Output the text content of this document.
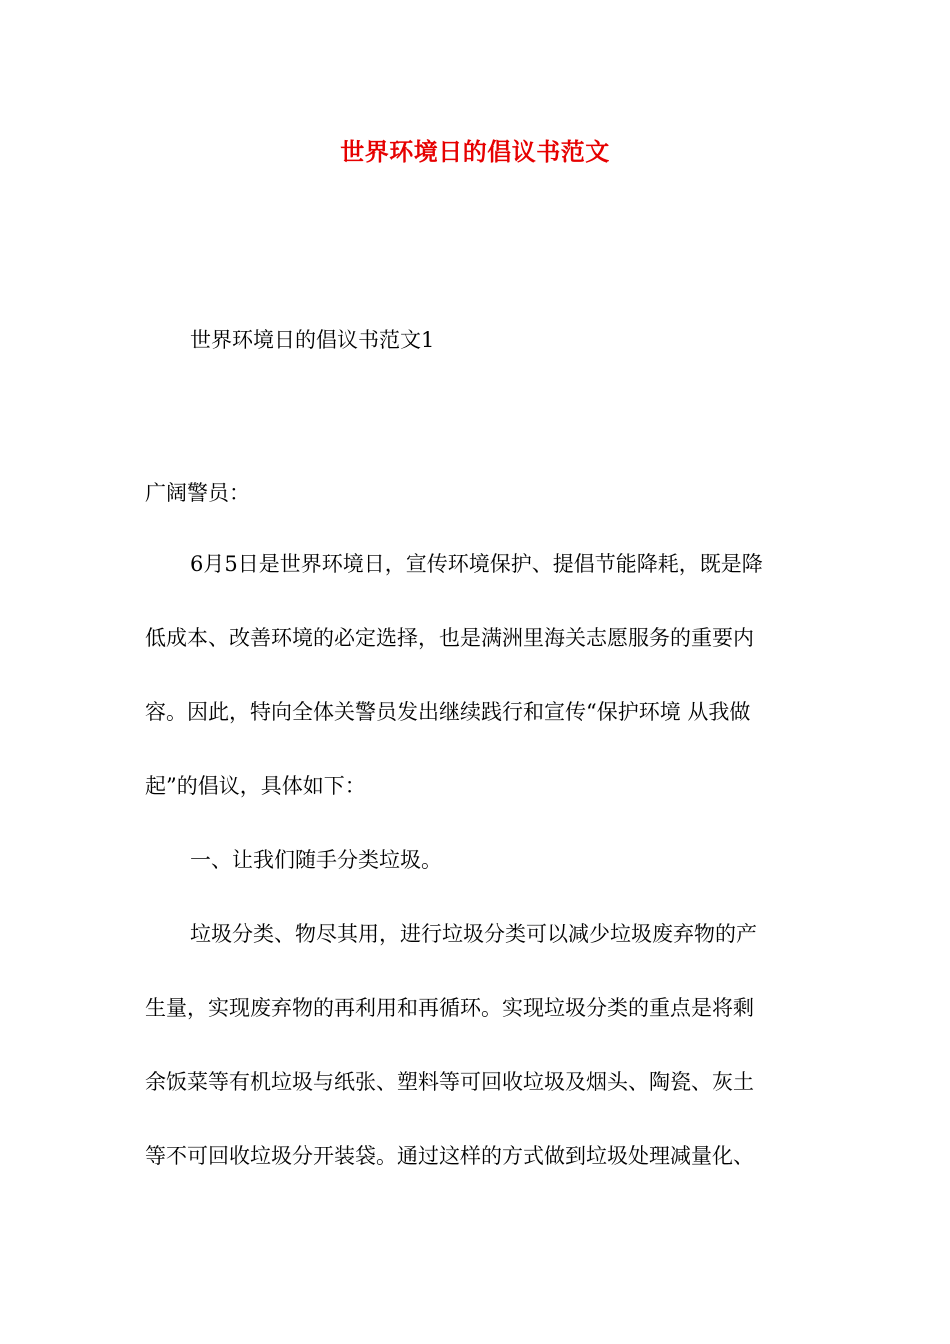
世界环境日的倡议书范文

世界环境日的倡议书范文1

广阔警员：

6月5日是世界环境日，宣传环境保护、提倡节能降耗，既是降
低成本、改善环境的必定选择，也是满洲里海关志愿服务的重要内
容。因此，特向全体关警员发出继续践行和宣传“保护环境 从我做
起”的倡议，具体如下：
一、让我们随手分类垃圾。
垃圾分类、物尽其用，进行垃圾分类可以减少垃圾废弃物的产
生量，实现废弃物的再利用和再循环。实现垃圾分类的重点是将剩
余饭菜等有机垃圾与纸张、塑料等可回收垃圾及烟头、陶瓷、灰土
等不可回收垃圾分开装袋。通过这样的方式做到垃圾处理减量化、
